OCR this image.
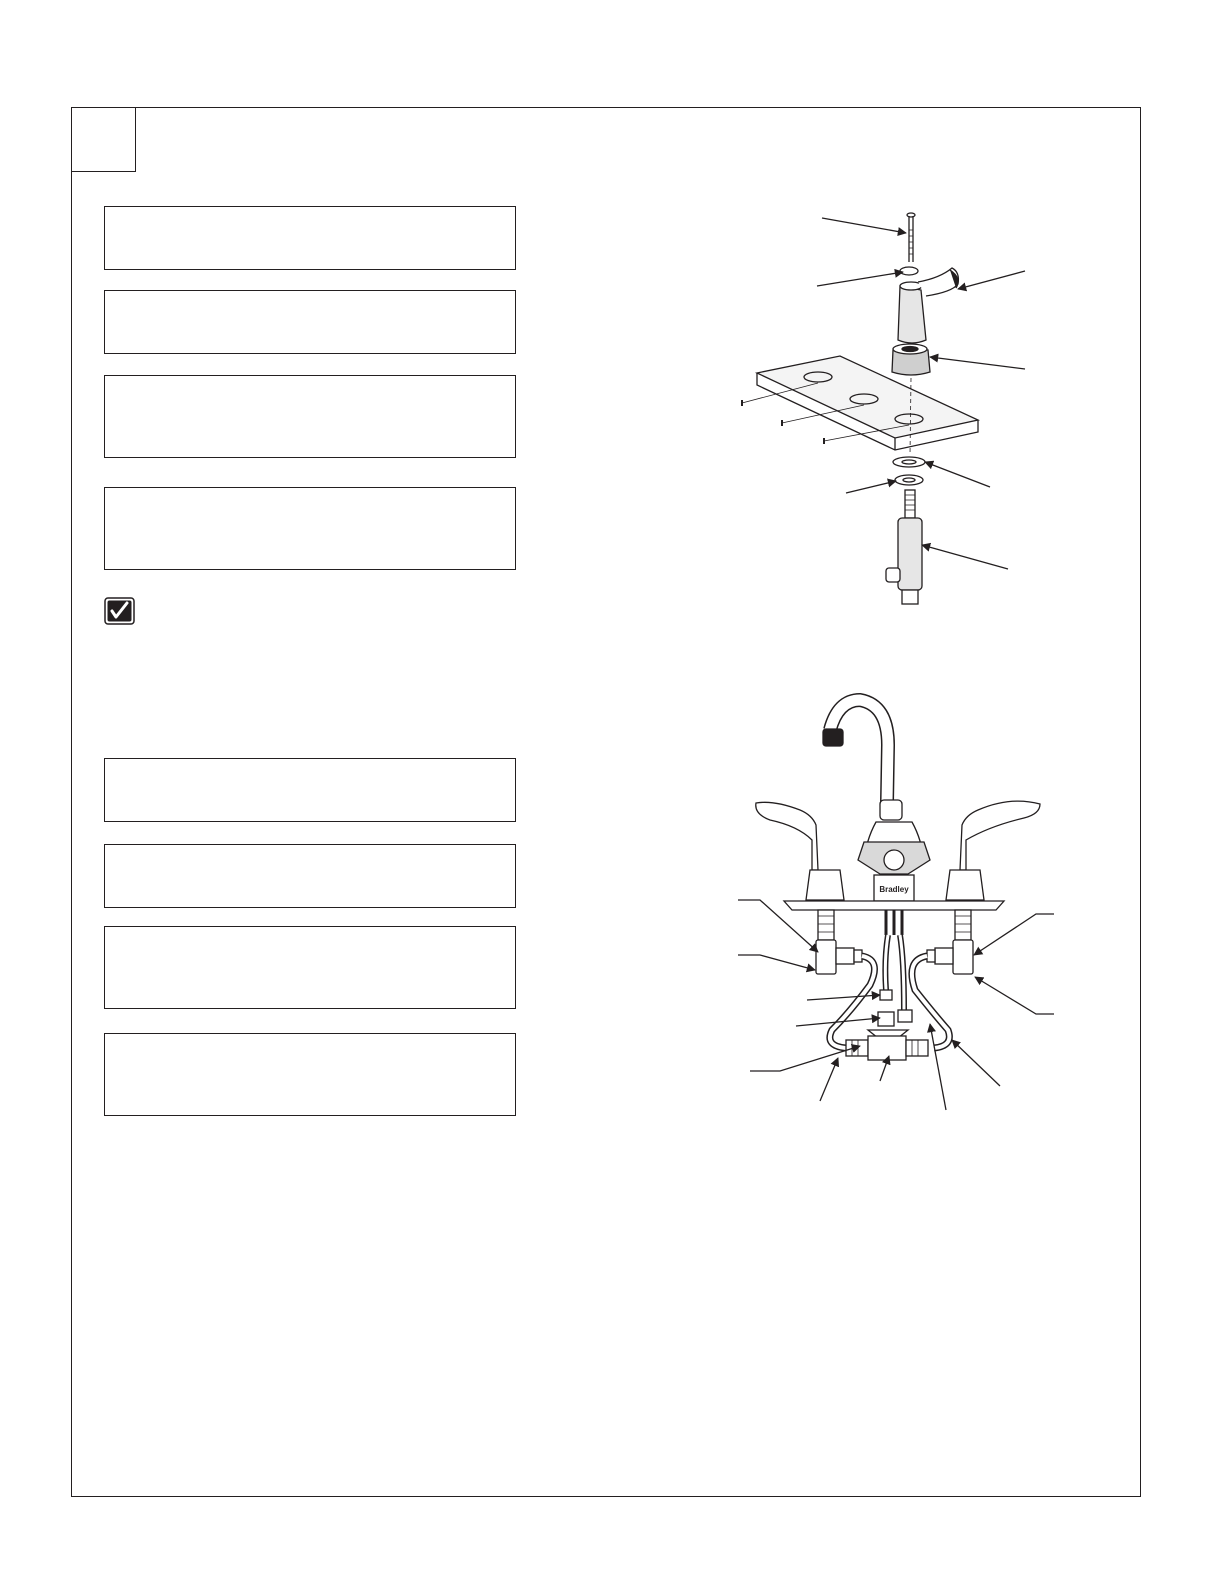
Bradley
